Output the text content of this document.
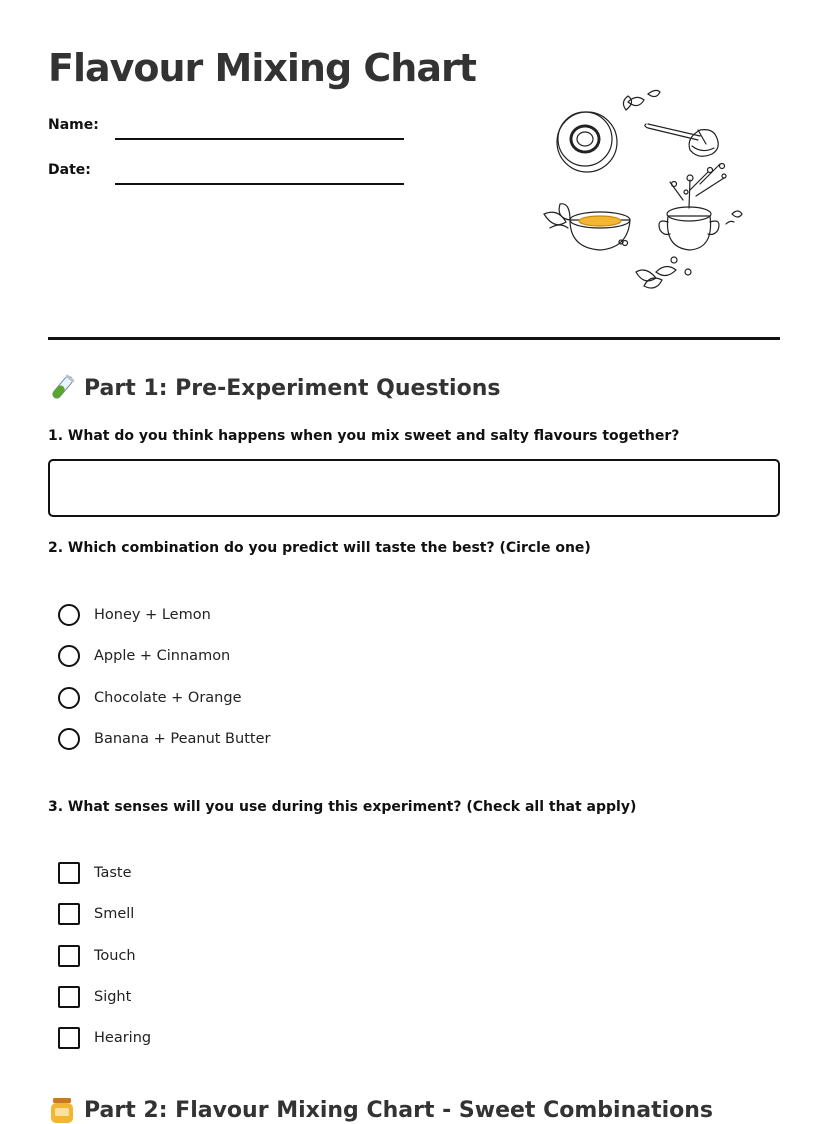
Flavour Mixing Chart
Name:
Date:
Part 1: Pre-Experiment Questions
1. What do you think happens when you mix sweet and salty flavours together?
2. Which combination do you predict will taste the best? (Circle one)
Honey + Lemon
Apple + Cinnamon
Chocolate + Orange
Banana + Peanut Butter
3. What senses will you use during this experiment? (Check all that apply)
Taste
Smell
Touch
Sight
Hearing
Part 2: Flavour Mixing Chart - Sweet Combinations
